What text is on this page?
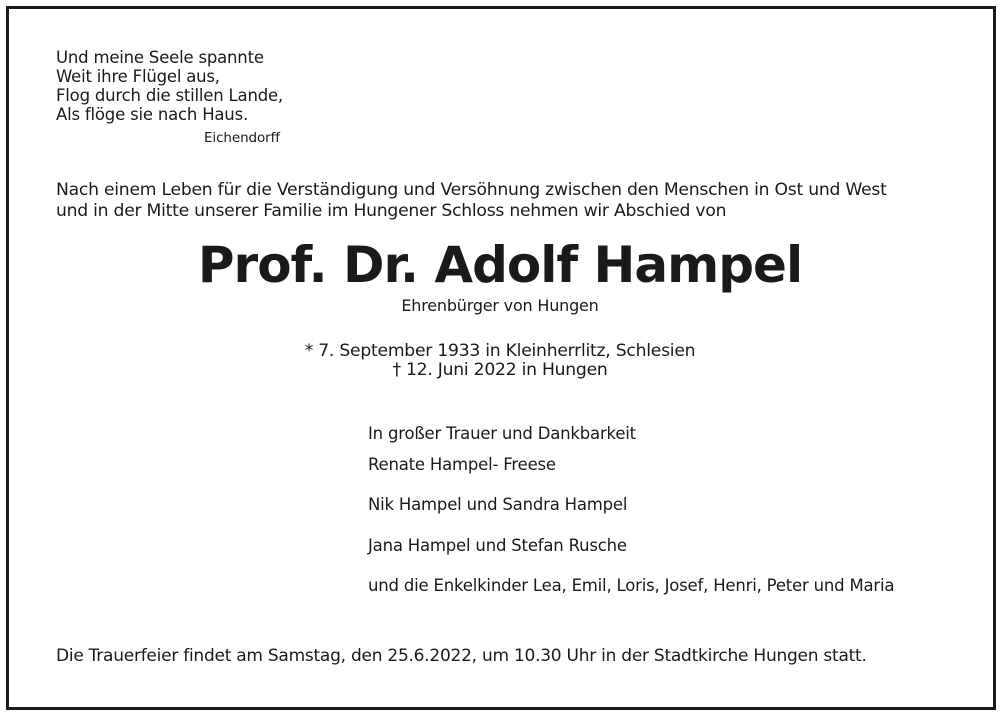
Und meine Seele spannte
Weit ihre Flügel aus,
Flog durch die stillen Lande,
Als flöge sie nach Haus.
Eichendorff
Nach einem Leben für die Verständigung und Versöhnung zwischen den Menschen in Ost und West
und in der Mitte unserer Familie im Hungener Schloss nehmen wir Abschied von
Prof. Dr. Adolf Hampel
Ehrenbürger von Hungen
* 7. September 1933 in Kleinherrlitz, Schlesien
† 12. Juni 2022 in Hungen
In großer Trauer und Dankbarkeit
Renate Hampel- Freese
Nik Hampel und Sandra Hampel
Jana Hampel und Stefan Rusche
und die Enkelkinder Lea, Emil, Loris, Josef, Henri, Peter und Maria
Die Trauerfeier findet am Samstag, den 25.6.2022, um 10.30 Uhr in der Stadtkirche Hungen statt.
